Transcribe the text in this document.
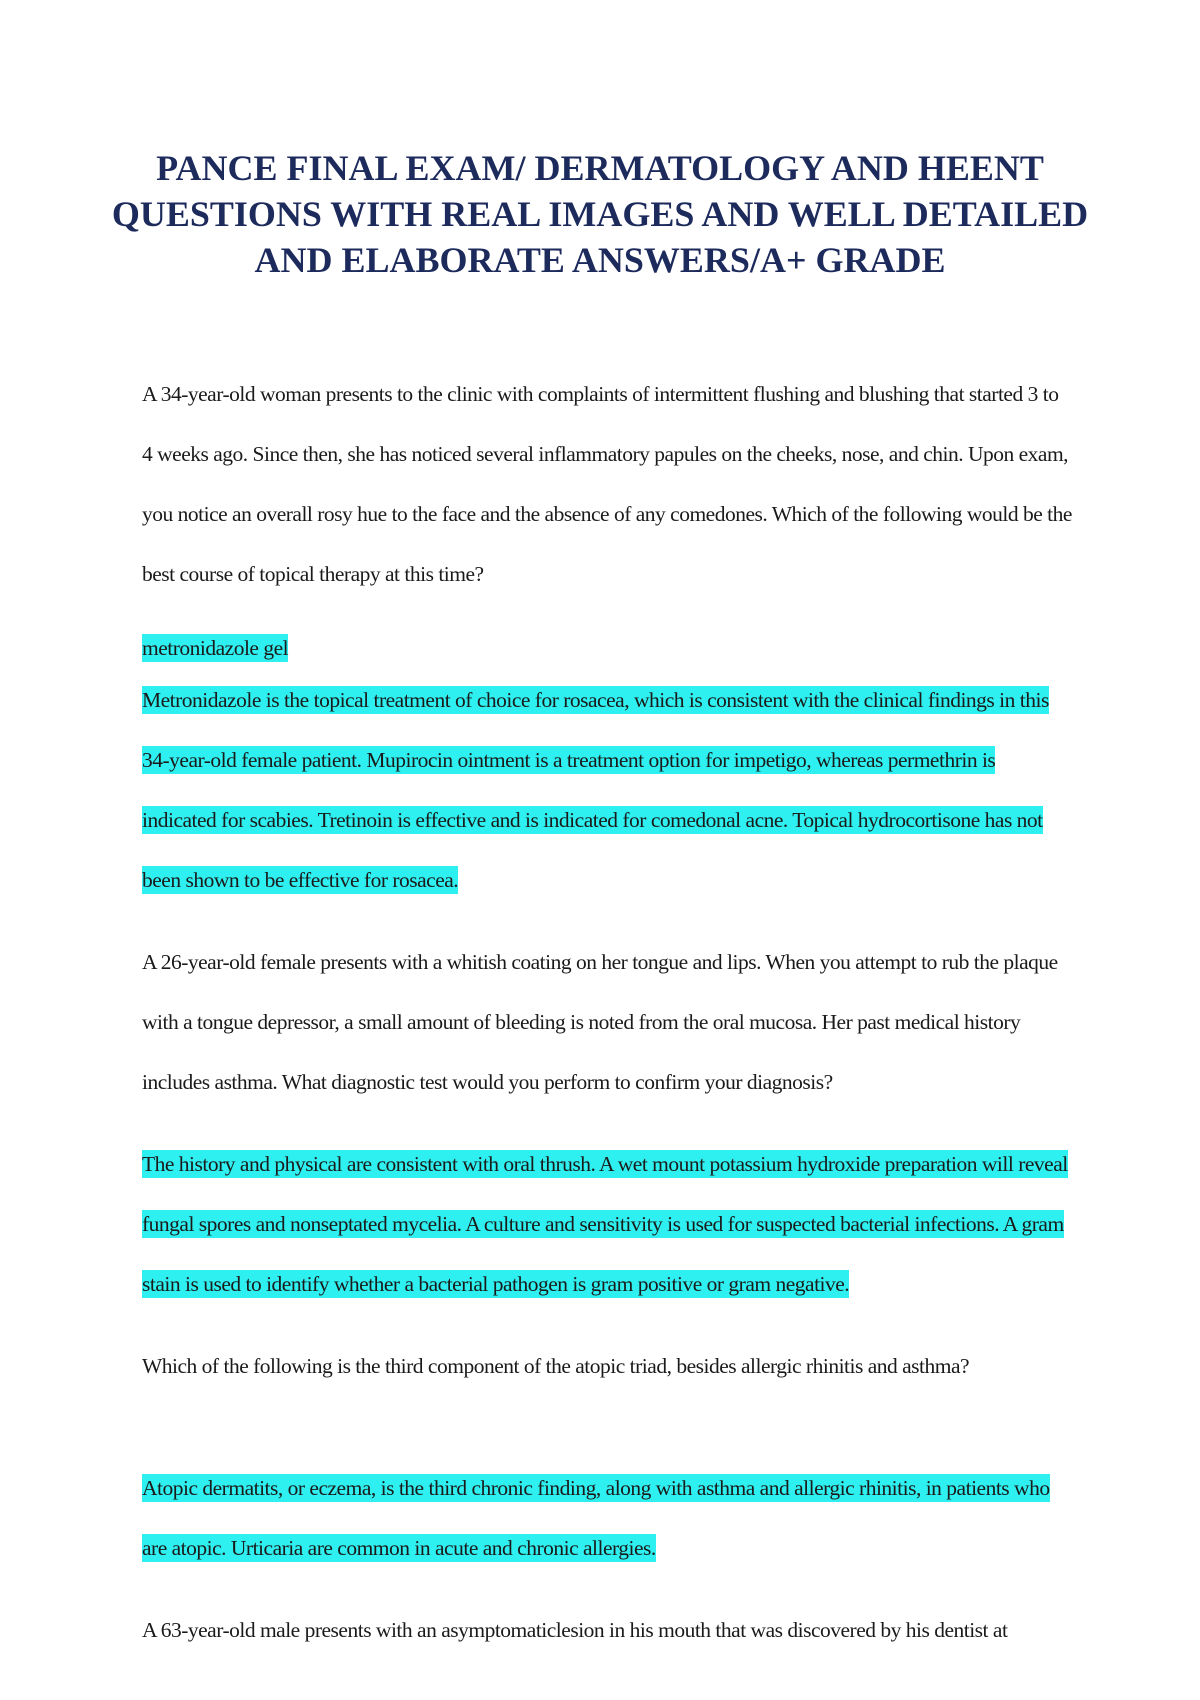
PANCE FINAL EXAM/ DERMATOLOGY AND HEENT QUESTIONS WITH REAL IMAGES AND WELL DETAILED AND ELABORATE ANSWERS/A+ GRADE

A 34-year-old woman presents to the clinic with complaints of intermittent flushing and blushing that started 3 to 4 weeks ago. Since then, she has noticed several inflammatory papules on the cheeks, nose, and chin. Upon exam, you notice an overall rosy hue to the face and the absence of any comedones. Which of the following would be the best course of topical therapy at this time?

metronidazole gel

Metronidazole is the topical treatment of choice for rosacea, which is consistent with the clinical findings in this 34-year-old female patient. Mupirocin ointment is a treatment option for impetigo, whereas permethrin is indicated for scabies. Tretinoin is effective and is indicated for comedonal acne. Topical hydrocortisone has not been shown to be effective for rosacea.

A 26-year-old female presents with a whitish coating on her tongue and lips. When you attempt to rub the plaque with a tongue depressor, a small amount of bleeding is noted from the oral mucosa. Her past medical history includes asthma. What diagnostic test would you perform to confirm your diagnosis?

The history and physical are consistent with oral thrush. A wet mount potassium hydroxide preparation will reveal fungal spores and nonseptated mycelia. A culture and sensitivity is used for suspected bacterial infections. A gram stain is used to identify whether a bacterial pathogen is gram positive or gram negative.

Which of the following is the third component of the atopic triad, besides allergic rhinitis and asthma?

Atopic dermatits, or eczema, is the third chronic finding, along with asthma and allergic rhinitis, in patients who are atopic. Urticaria are common in acute and chronic allergies.

A 63-year-old male presents with an asymptomaticlesion in his mouth that was discovered by his dentist at
